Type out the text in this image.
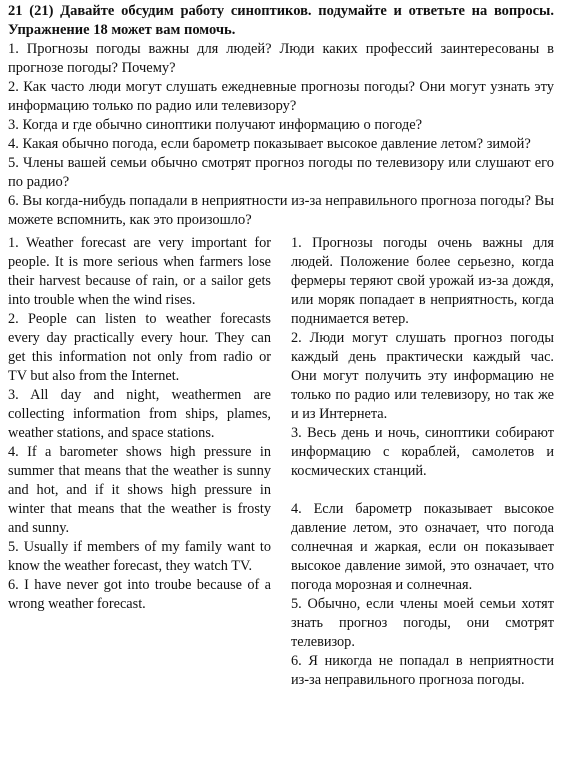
21 (21) Давайте обсудим работу синоптиков. подумайте и ответьте на вопросы. Упражнение 18 может вам помочь.

1. Прогнозы погоды важны для людей? Люди каких профессий заинтересованы в прогнозе погоды? Почему?

2. Как часто люди могут слушать ежедневные прогнозы погоды? Они могут узнать эту информацию только по радио или телевизору?

3. Когда и где обычно синоптики получают информацию о погоде?

4. Какая обычно погода, если барометр показывает высокое давление летом? зимой?

5. Члены вашей семьи обычно смотрят прогноз погоды по телевизору или слушают его по радио?

6. Вы когда-нибудь попадали в неприятности из-за неправильного прогноза погоды? Вы можете вспомнить, как это произошло?

1. Weather forecast are very important for people. It is more serious when farmers lose their harvest because of rain, or a sailor gets into trouble when the wind rises.

2. People can listen to weather forecasts every day practically every hour. They can get this information not only from radio or TV but also from the Internet.

3. All day and night, weathermen are collecting information from ships, plames, weather stations, and space stations.

4. If a barometer shows high pressure in summer that means that the weather is sunny and hot, and if it shows high pressure in winter that means that the weather is frosty and sunny.

5. Usually if members of my family want to know the weather forecast, they watch TV.

6. I have never got into troube because of a wrong weather forecast.

1. Прогнозы погоды очень важны для людей. Положение более серьезно, когда фермеры теряют свой урожай из-за дождя, или моряк попадает в неприятность, когда поднимается ветер.

2. Люди могут слушать прогноз погоды каждый день практически каждый час. Они могут получить эту информацию не только по радио или телевизору, но так же и из Интернета.

3. Весь день и ночь, синоптики собирают информацию с кораблей, самолетов и космических станций.

4. Если барометр показывает высокое давление летом, это означает, что погода солнечная и жаркая, если он показывает высокое давление зимой, это означает, что погода морозная и солнечная.

5. Обычно, если члены моей семьи хотят знать прогноз погоды, они смотрят телевизор.

6. Я никогда не попадал в неприятности из-за неправильного прогноза погоды.
